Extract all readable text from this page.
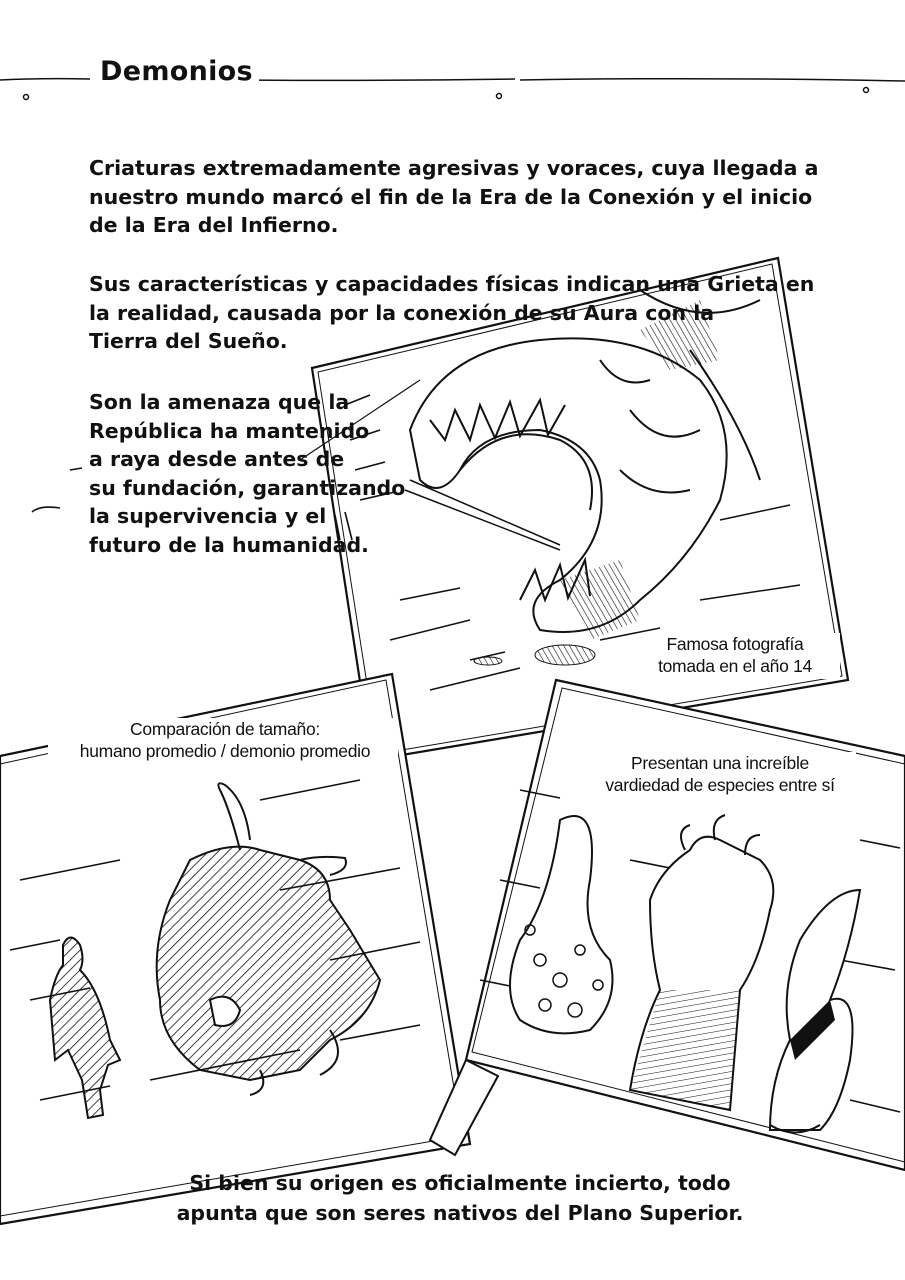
Demonios
Criaturas extremadamente agresivas y voraces, cuya llegada a
nuestro mundo marcó el fin de la Era de la Conexión y el inicio
de la Era del Infierno.
Sus características y capacidades físicas indican una Grieta en
la realidad, causada por la conexión de su Aura con la
Tierra del Sueño.
Son la amenaza que la
República ha mantenido
a raya desde antes de
su fundación, garantizando
la supervivencia y el
futuro de la humanidad.
Famosa fotografía
tomada en el año 14
Comparación de tamaño:
humano promedio / demonio promedio
Presentan una increíble
vardiedad de especies entre sí
Si bien su origen es oficialmente incierto, todo
apunta que son seres nativos del Plano Superior.
